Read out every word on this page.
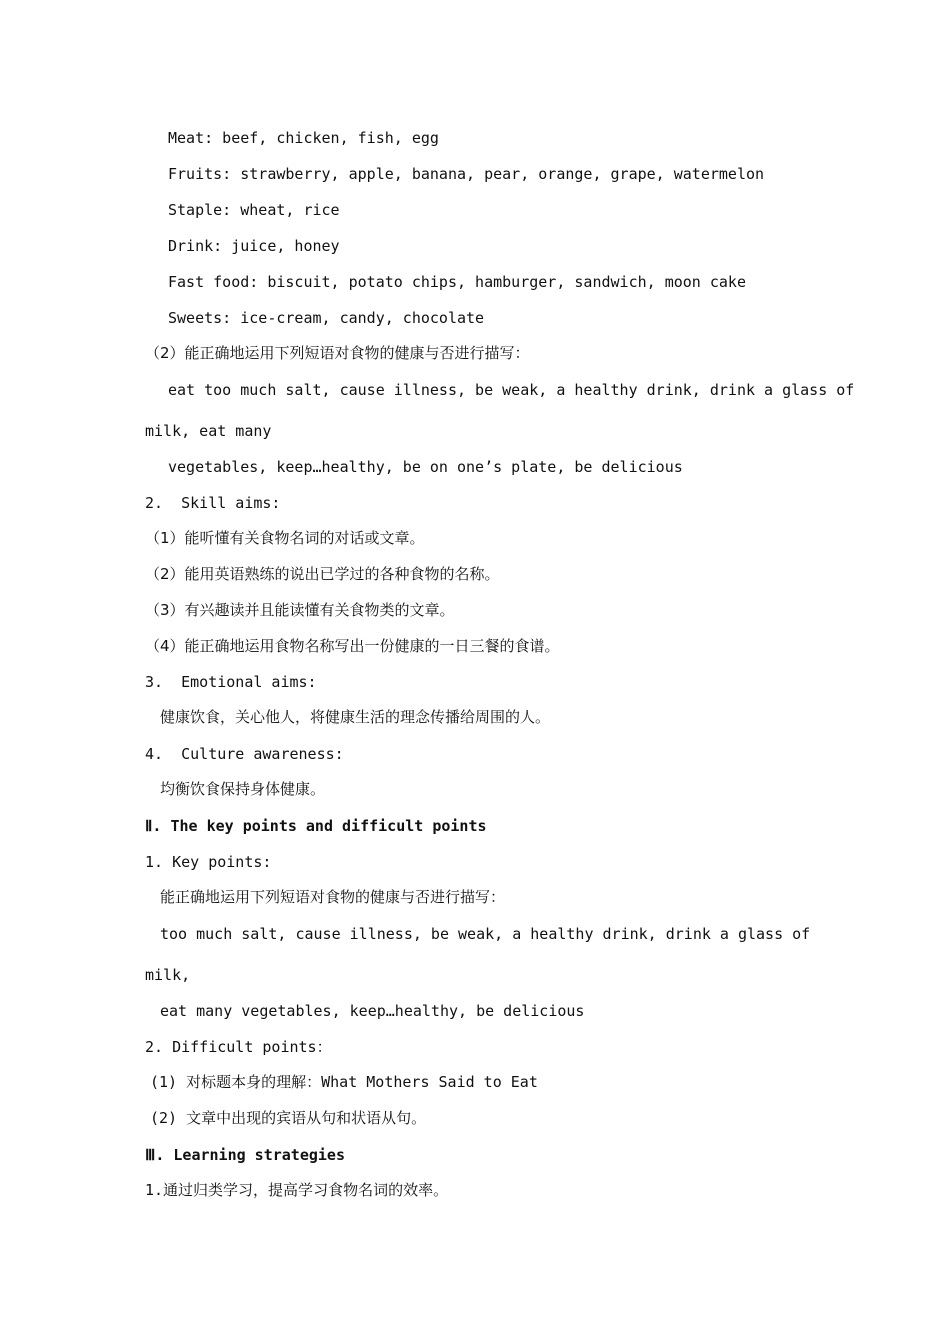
Meat: beef, chicken, fish, egg
Fruits: strawberry, apple, banana, pear, orange, grape, watermelon
Staple: wheat, rice
Drink: juice, honey
Fast food: biscuit, potato chips, hamburger, sandwich, moon cake
Sweets: ice-cream, candy, chocolate
（2）能正确地运用下列短语对食物的健康与否进行描写：
eat too much salt, cause illness, be weak, a healthy drink, drink a glass of
milk, eat many
vegetables, keep…healthy, be on one’s plate, be delicious
2.  Skill aims:
（1）能听懂有关食物名词的对话或文章。
（2）能用英语熟练的说出已学过的各种食物的名称。
（3）有兴趣读并且能读懂有关食物类的文章。
（4）能正确地运用食物名称写出一份健康的一日三餐的食谱。
3.  Emotional aims:
健康饮食，关心他人，将健康生活的理念传播给周围的人。
4.  Culture awareness:
均衡饮食保持身体健康。
Ⅱ. The key points and difficult points
1. Key points:
能正确地运用下列短语对食物的健康与否进行描写：
too much salt, cause illness, be weak, a healthy drink, drink a glass of
milk,
eat many vegetables, keep…healthy, be delicious
2. Difficult points：
(1) 对标题本身的理解：What Mothers Said to Eat
(2) 文章中出现的宾语从句和状语从句。
Ⅲ. Learning strategies
1.通过归类学习，提高学习食物名词的效率。
